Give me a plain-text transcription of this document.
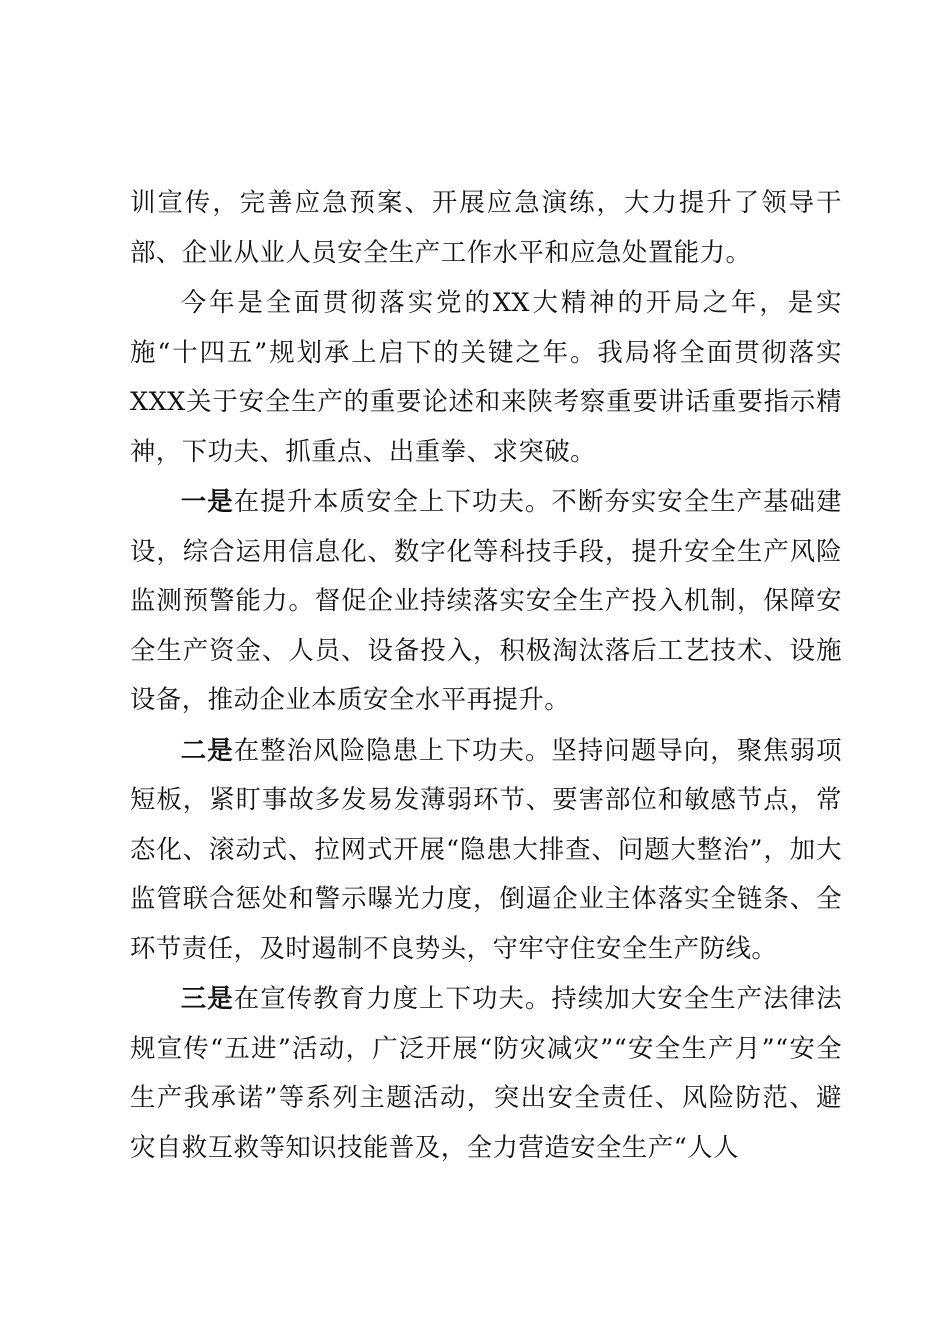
训宣传，完善应急预案、开展应急演练，大力提升了领导干部、企业从业人员安全生产工作水平和应急处置能力。

今年是全面贯彻落实党的XX大精神的开局之年，是实施“十四五”规划承上启下的关键之年。我局将全面贯彻落实XXX关于安全生产的重要论述和来陕考察重要讲话重要指示精神，下功夫、抓重点、出重拳、求突破。

一是在提升本质安全上下功夫。不断夯实安全生产基础建设，综合运用信息化、数字化等科技手段，提升安全生产风险监测预警能力。督促企业持续落实安全生产投入机制，保障安全生产资金、人员、设备投入，积极淘汰落后工艺技术、设施设备，推动企业本质安全水平再提升。

二是在整治风险隐患上下功夫。坚持问题导向，聚焦弱项短板，紧盯事故多发易发薄弱环节、要害部位和敏感节点，常态化、滚动式、拉网式开展“隐患大排查、问题大整治”，加大监管联合惩处和警示曝光力度，倒逼企业主体落实全链条、全环节责任，及时遏制不良势头，守牢守住安全生产防线。

三是在宣传教育力度上下功夫。持续加大安全生产法律法规宣传“五进”活动，广泛开展“防灾减灾”“安全生产月”“安全生产我承诺”等系列主题活动，突出安全责任、风险防范、避灾自救互救等知识技能普及，全力营造安全生产“人人
